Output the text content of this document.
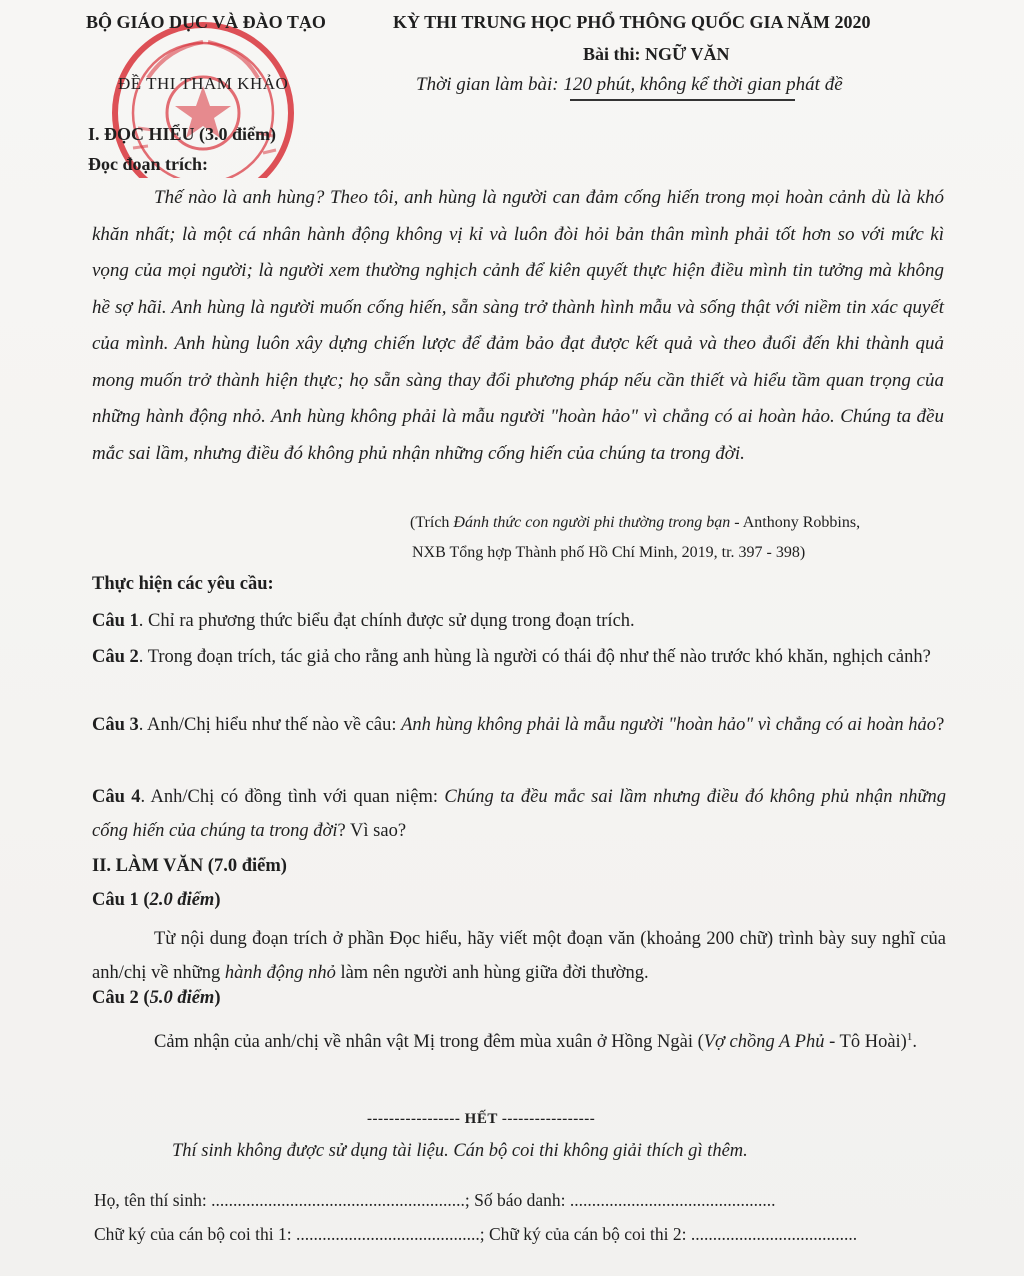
BỘ GIÁO DỤC VÀ ĐÀO TẠO
ĐỀ THI THAM KHẢO
KỲ THI TRUNG HỌC PHỔ THÔNG QUỐC GIA NĂM 2020
Bài thi: NGỮ VĂN
Thời gian làm bài: 120 phút, không kể thời gian phát đề
I. ĐỌC HIỂU (3.0 điểm)
Đọc đoạn trích:
Thế nào là anh hùng? Theo tôi, anh hùng là người can đảm cống hiến trong mọi hoàn cảnh dù là khó khăn nhất; là một cá nhân hành động không vị kỉ và luôn đòi hỏi bản thân mình phải tốt hơn so với mức kì vọng của mọi người; là người xem thường nghịch cảnh để kiên quyết thực hiện điều mình tin tưởng mà không hề sợ hãi. Anh hùng là người muốn cống hiến, sẵn sàng trở thành hình mẫu và sống thật với niềm tin xác quyết của mình. Anh hùng luôn xây dựng chiến lược để đảm bảo đạt được kết quả và theo đuổi đến khi thành quả mong muốn trở thành hiện thực; họ sẵn sàng thay đổi phương pháp nếu cần thiết và hiểu tầm quan trọng của những hành động nhỏ. Anh hùng không phải là mẫu người "hoàn hảo" vì chẳng có ai hoàn hảo. Chúng ta đều mắc sai lầm, nhưng điều đó không phủ nhận những cống hiến của chúng ta trong đời.
(Trích Đánh thức con người phi thường trong bạn - Anthony Robbins,
NXB Tổng hợp Thành phố Hồ Chí Minh, 2019, tr. 397 - 398)
Thực hiện các yêu cầu:
Câu 1. Chỉ ra phương thức biểu đạt chính được sử dụng trong đoạn trích.
Câu 2. Trong đoạn trích, tác giả cho rằng anh hùng là người có thái độ như thế nào trước khó khăn, nghịch cảnh?
Câu 3. Anh/Chị hiểu như thế nào về câu: Anh hùng không phải là mẫu người "hoàn hảo" vì chẳng có ai hoàn hảo?
Câu 4. Anh/Chị có đồng tình với quan niệm: Chúng ta đều mắc sai lầm nhưng điều đó không phủ nhận những cống hiến của chúng ta trong đời? Vì sao?
II. LÀM VĂN (7.0 điểm)
Câu 1 (2.0 điểm)
Từ nội dung đoạn trích ở phần Đọc hiểu, hãy viết một đoạn văn (khoảng 200 chữ) trình bày suy nghĩ của anh/chị về những hành động nhỏ làm nên người anh hùng giữa đời thường.
Câu 2 (5.0 điểm)
Cảm nhận của anh/chị về nhân vật Mị trong đêm mùa xuân ở Hồng Ngài (Vợ chồng A Phủ - Tô Hoài)$^1$.
----------------- HẾT -----------------
Thí sinh không được sử dụng tài liệu. Cán bộ coi thi không giải thích gì thêm.
Họ, tên thí sinh: ..........................................................; Số báo danh: ...............................................
Chữ ký của cán bộ coi thi 1: ..........................................; Chữ ký của cán bộ coi thi 2: ......................................
